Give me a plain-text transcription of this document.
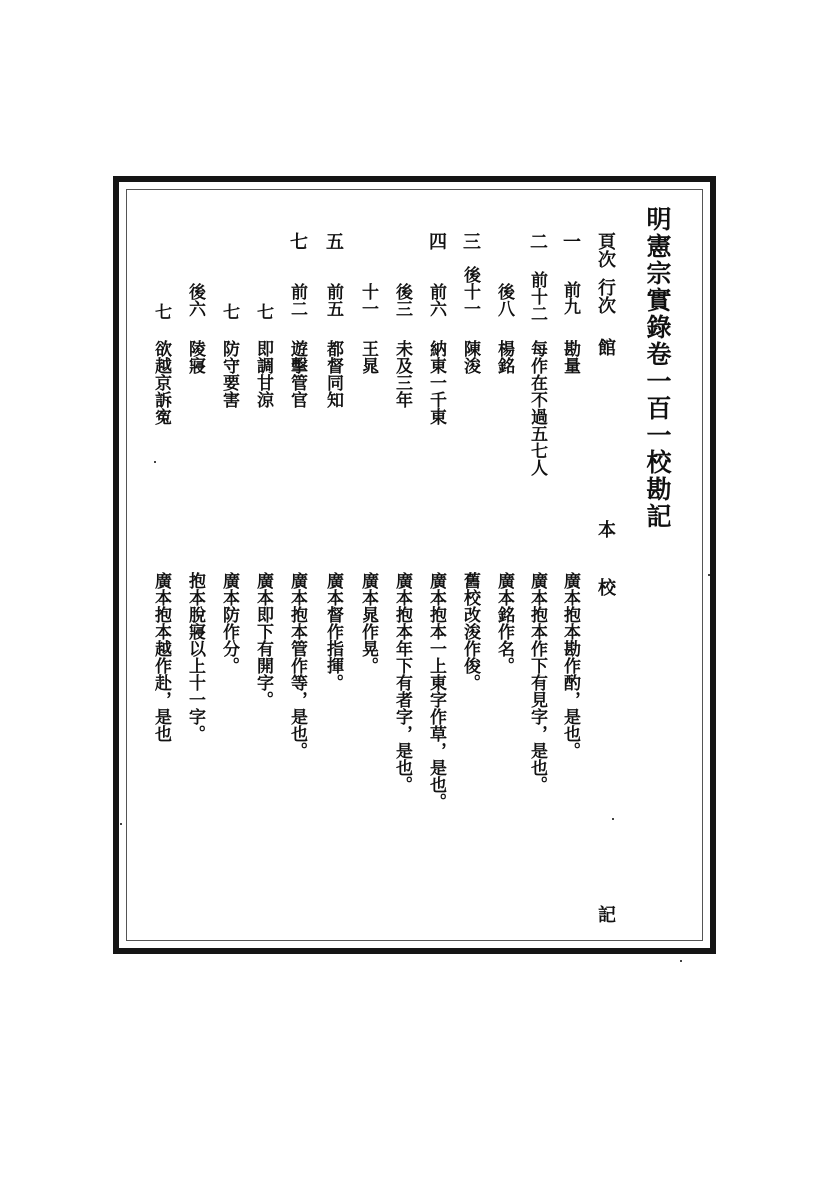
明憲宗實錄卷一百一校勘記
頁次
行次
館
本
校
記
一
前九
勘量
廣本抱本勘作酌，是也。
二
前十二
每作在不過五七人
廣本抱本作下有見字，是也。
後八
楊銘
廣本銘作名。
三
後十一
陳浚
舊校改浚作俊。
四
前六
納東一千東
廣本抱本一上東字作草，是也。
後三
未及三年
廣本抱本年下有者字，是也。
十一
王晁
廣本晁作晃。
五
前五
都督同知
廣本督作指揮。
七
前二
遊擊管官
廣本抱本管作等，是也。
七
即調甘涼
廣本即下有開字。
七
防守要害
廣本防作分。
後六
陵寢
抱本脫寢以上十一字。
七
欲越京訴寃
廣本抱本越作赴，是也
